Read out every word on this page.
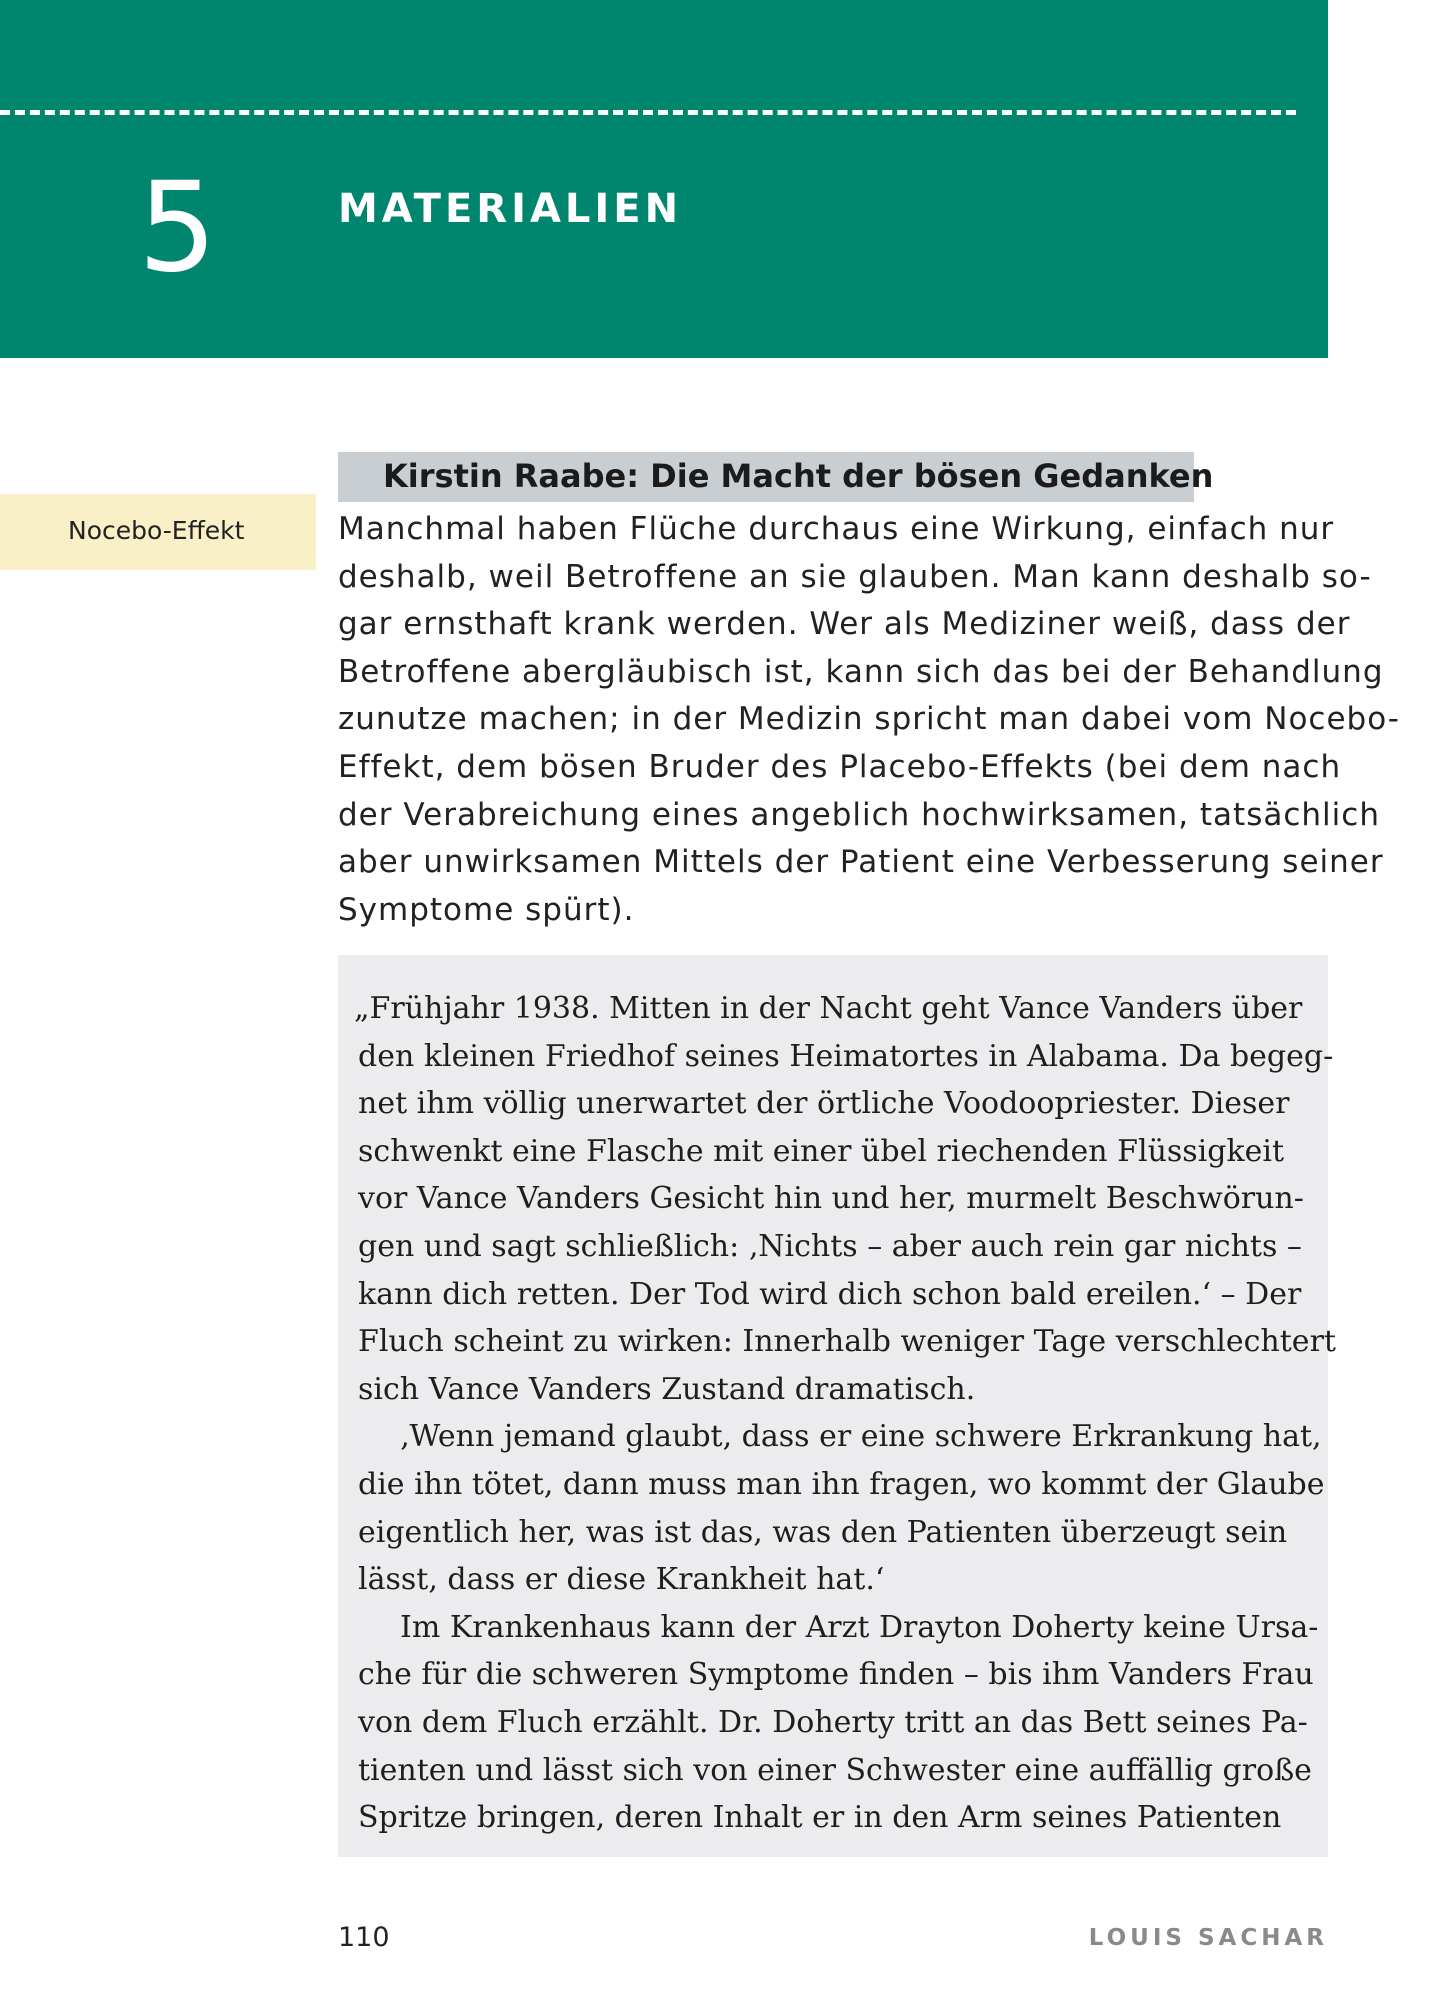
5	MATERIALIEN
Nocebo-Effekt
Kirstin Raabe: Die Macht der bösen Gedanken
Manchmal haben Flüche durchaus eine Wirkung, einfach nur
deshalb, weil Betroffene an sie glauben. Man kann deshalb so-
gar ernsthaft krank werden. Wer als Mediziner weiß, dass der
Betroffene abergläubisch ist, kann sich das bei der Behandlung
zunutze machen; in der Medizin spricht man dabei vom Nocebo-
Effekt, dem bösen Bruder des Placebo-Effekts (bei dem nach
der Verabreichung eines angeblich hochwirksamen, tatsächlich
aber unwirksamen Mittels der Patient eine Verbesserung seiner
Symptome spürt).
„Frühjahr 1938. Mitten in der Nacht geht Vance Vanders über
den kleinen Friedhof seines Heimatortes in Alabama. Da begeg-
net ihm völlig unerwartet der örtliche Voodoopriester. Dieser
schwenkt eine Flasche mit einer übel riechenden Flüssigkeit
vor Vance Vanders Gesicht hin und her, murmelt Beschwörun-
gen und sagt schließlich: ‚Nichts – aber auch rein gar nichts –
kann dich retten. Der Tod wird dich schon bald ereilen.‘ – Der
Fluch scheint zu wirken: Innerhalb weniger Tage verschlechtert
sich Vance Vanders Zustand dramatisch.
‚Wenn jemand glaubt, dass er eine schwere Erkrankung hat,
die ihn tötet, dann muss man ihn fragen, wo kommt der Glaube
eigentlich her, was ist das, was den Patienten überzeugt sein
lässt, dass er diese Krankheit hat.‘
Im Krankenhaus kann der Arzt Drayton Doherty keine Ursa-
che für die schweren Symptome finden – bis ihm Vanders Frau
von dem Fluch erzählt. Dr. Doherty tritt an das Bett seines Pa-
tienten und lässt sich von einer Schwester eine auffällig große
Spritze bringen, deren Inhalt er in den Arm seines Patienten
110	LOUIS SACHAR
